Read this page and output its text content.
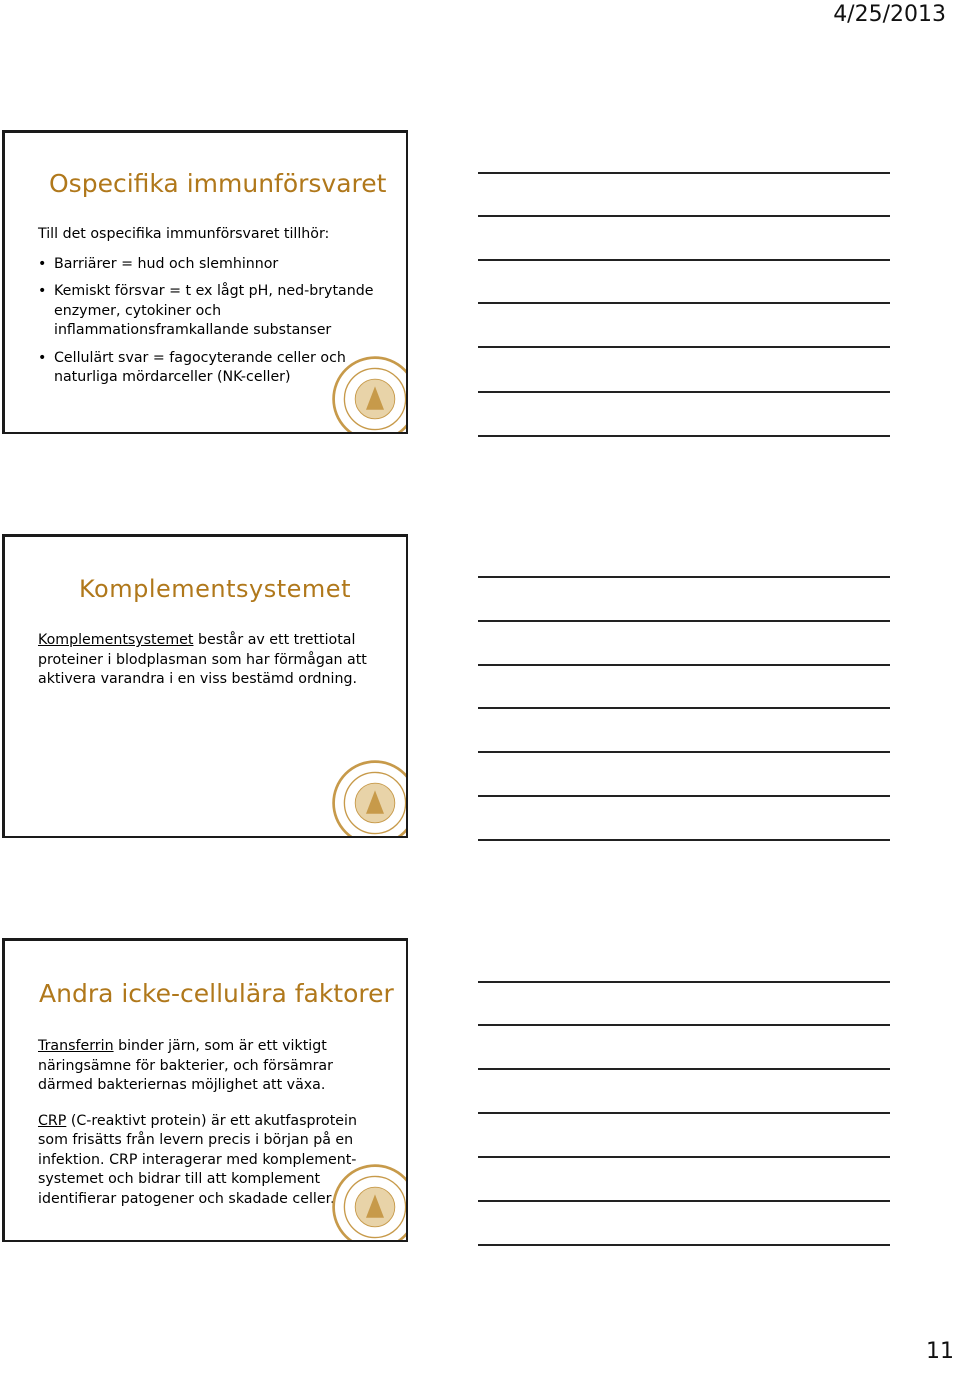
4/25/2013
Ospecifika immunförsvaret

Till det ospecifika immunförsvaret tillhör:

• Barriärer = hud och slemhinnor
• Kemiskt försvar = t ex lågt pH, ned-brytande enzymer, cytokiner och inflammationsframkallande substanser
• Cellulärt svar = fagocyterande celler och naturliga mördarceller (NK-celler)
Komplementsystemet

Komplementsystemet består av ett trettiotal proteiner i blodplasman som har förmågan att aktivera varandra i en viss bestämd ordning.

Andra icke-cellulära faktorer

Transferrin binder järn, som är ett viktigt näringsämne för bakterier, och försämrar därmed bakteriernas möjlighet att växa.

CRP (C-reaktivt protein) är ett akutfasprotein som frisätts från levern precis i början på en infektion. CRP interagerar med komplement-systemet och bidrar till att komplement identifierar patogener och skadade celler.

11
